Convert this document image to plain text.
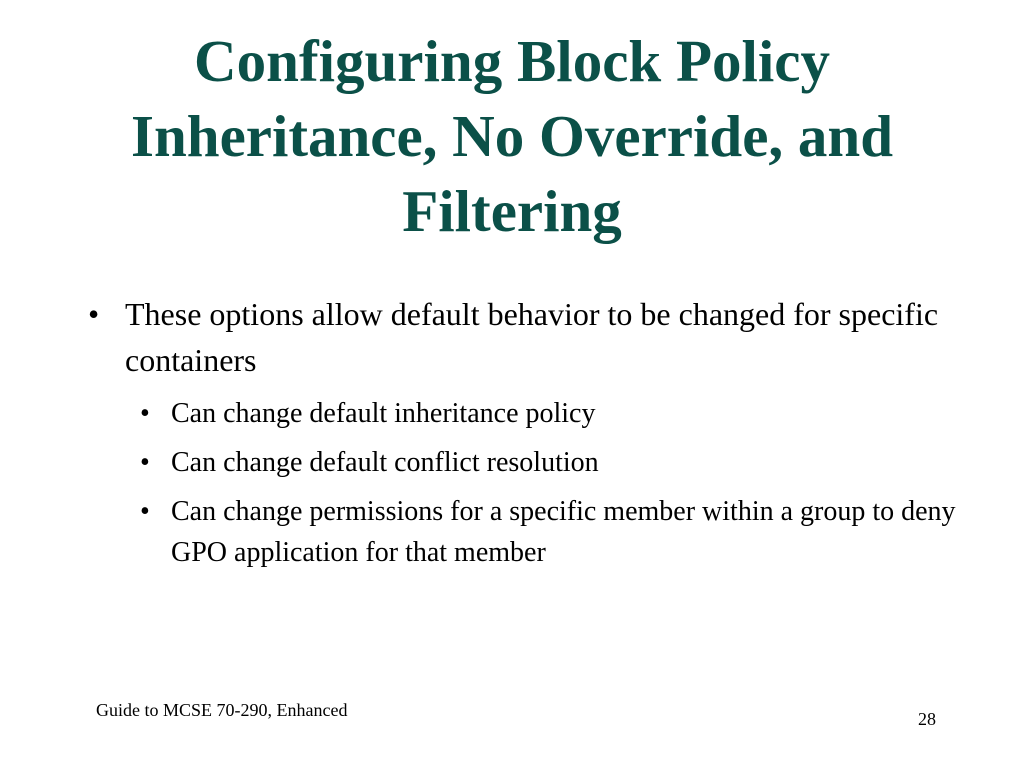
Configuring Block Policy
Inheritance, No Override, and
Filtering
• These options allow default behavior to be changed for specific containers
• Can change default inheritance policy
• Can change default conflict resolution
• Can change permissions for a specific member within a group to deny GPO application for that member
Guide to MCSE 70-290, Enhanced	28
